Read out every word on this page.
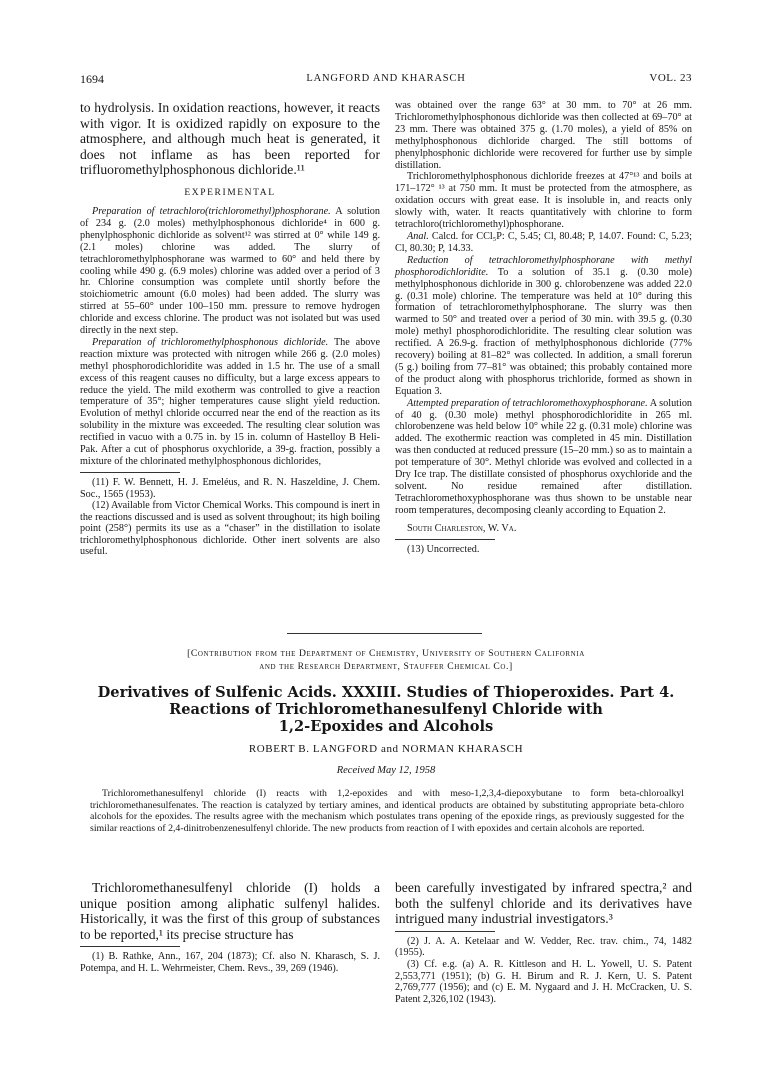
1694	LANGFORD AND KHARASCH	VOL. 23

to hydrolysis. In oxidation reactions, however, it reacts with vigor. It is oxidized rapidly on exposure to the atmosphere, and although much heat is generated, it does not inflame as has been reported for trifluoromethylphosphonous dichloride.¹¹

EXPERIMENTAL

Preparation of tetrachloro(trichloromethyl)phosphorane. A solution of 234 g. (2.0 moles) methylphosphonous dichloride⁴ in 600 g. phenylphosphonic dichloride as solvent¹² was stirred at 0° while 149 g. (2.1 moles) chlorine was added. The slurry of tetrachloromethylphosphorane was warmed to 60° and held there by cooling while 490 g. (6.9 moles) chlorine was added over a period of 3 hr. Chlorine consumption was complete until shortly before the stoichiometric amount (6.0 moles) had been added. The slurry was stirred at 55–60° under 100–150 mm. pressure to remove hydrogen chloride and excess chlorine. The product was not isolated but was used directly in the next step.

Preparation of trichloromethylphosphonous dichloride. The above reaction mixture was protected with nitrogen while 266 g. (2.0 moles) methyl phosphorodichloridite was added in 1.5 hr. The use of a small excess of this reagent causes no difficulty, but a large excess appears to reduce the yield. The mild exotherm was controlled to give a reaction temperature of 35°; higher temperatures cause slight yield reduction. Evolution of methyl chloride occurred near the end of the reaction as its solubility in the mixture was exceeded. The resulting clear solution was rectified in vacuo with a 0.75 in. by 15 in. column of Hastelloy B Heli-Pak. After a cut of phosphorus oxychloride, a 39-g. fraction, possibly a mixture of the chlorinated methylphosphonous dichlorides,

(11) F. W. Bennett, H. J. Emeléus, and R. N. Haszeldine, J. Chem. Soc., 1565 (1953).

(12) Available from Victor Chemical Works. This compound is inert in the reactions discussed and is used as solvent throughout; its high boiling point (258°) permits its use as a “chaser” in the distillation to isolate trichloromethylphosphonous dichloride. Other inert solvents are also useful.

was obtained over the range 63° at 30 mm. to 70° at 26 mm. Trichloromethylphosphonous dichloride was then collected at 69–70° at 23 mm. There was obtained 375 g. (1.70 moles), a yield of 85% on methylphosphonous dichloride charged. The still bottoms of phenylphosphonic dichloride were recovered for further use by simple distillation.

Trichloromethylphosphonous dichloride freezes at 47°¹³ and boils at 171–172° ¹³ at 750 mm. It must be protected from the atmosphere, as oxidation occurs with great ease. It is insoluble in, and reacts only slowly with, water. It reacts quantitatively with chlorine to form tetrachloro(trichloromethyl)phosphorane.

Anal. Calcd. for CCl₅P: C, 5.45; Cl, 80.48; P, 14.07. Found: C, 5.23; Cl, 80.30; P, 14.33.

Reduction of tetrachloromethylphosphorane with methyl phosphorodichloridite. To a solution of 35.1 g. (0.30 mole) methylphosphonous dichloride in 300 g. chlorobenzene was added 22.0 g. (0.31 mole) chlorine. The temperature was held at 10° during this formation of tetrachloromethylphosphorane. The slurry was then warmed to 50° and treated over a period of 30 min. with 39.5 g. (0.30 mole) methyl phosphorodichloridite. The resulting clear solution was rectified. A 26.9-g. fraction of methylphosphonous dichloride (77% recovery) boiling at 81–82° was collected. In addition, a small forerun (5 g.) boiling from 77–81° was obtained; this probably contained more of the product along with phosphorus trichloride, formed as shown in Equation 3.

Attempted preparation of tetrachloromethoxyphosphorane. A solution of 40 g. (0.30 mole) methyl phosphorodichloridite in 265 ml. chlorobenzene was held below 10° while 22 g. (0.31 mole) chlorine was added. The exothermic reaction was completed in 45 min. Distillation was then conducted at reduced pressure (15–20 mm.) so as to maintain a pot temperature of 30°. Methyl chloride was evolved and collected in a Dry Ice trap. The distillate consisted of phosphorus oxychloride and the solvent. No residue remained after distillation. Tetrachloromethoxyphosphorane was thus shown to be unstable near room temperatures, decomposing cleanly according to Equation 2.

South Charleston, W. Va.

(13) Uncorrected.

[Contribution from the Department of Chemistry, University of Southern California
and the Research Department, Stauffer Chemical Co.]
Derivatives of Sulfenic Acids. XXXIII. Studies of Thioperoxides. Part 4.
Reactions of Trichloromethanesulfenyl Chloride with
1,2-Epoxides and Alcohols
ROBERT B. LANGFORD and NORMAN KHARASCH
Received May 12, 1958

Trichloromethanesulfenyl chloride (I) reacts with 1,2-epoxides and with meso-1,2,3,4-diepoxybutane to form beta-chloroalkyl trichloromethanesulfenates. The reaction is catalyzed by tertiary amines, and identical products are obtained by substituting appropriate beta-chloro alcohols for the epoxides. The results agree with the mechanism which postulates trans opening of the epoxide rings, as previously suggested for the similar reactions of 2,4-dinitrobenzenesulfenyl chloride. The new products from reaction of I with epoxides and certain alcohols are reported.

Trichloromethanesulfenyl chloride (I) holds a unique position among aliphatic sulfenyl halides. Historically, it was the first of this group of substances to be reported,¹ its precise structure has

(1) B. Rathke, Ann., 167, 204 (1873); Cf. also N. Kharasch, S. J. Potempa, and H. L. Wehrmeister, Chem. Revs., 39, 269 (1946).

been carefully investigated by infrared spectra,² and both the sulfenyl chloride and its derivatives have intrigued many industrial investigators.³

(2) J. A. A. Ketelaar and W. Vedder, Rec. trav. chim., 74, 1482 (1955).

(3) Cf. e.g. (a) A. R. Kittleson and H. L. Yowell, U. S. Patent 2,553,771 (1951); (b) G. H. Birum and R. J. Kern, U. S. Patent 2,769,777 (1956); and (c) E. M. Nygaard and J. H. McCracken, U. S. Patent 2,326,102 (1943).
